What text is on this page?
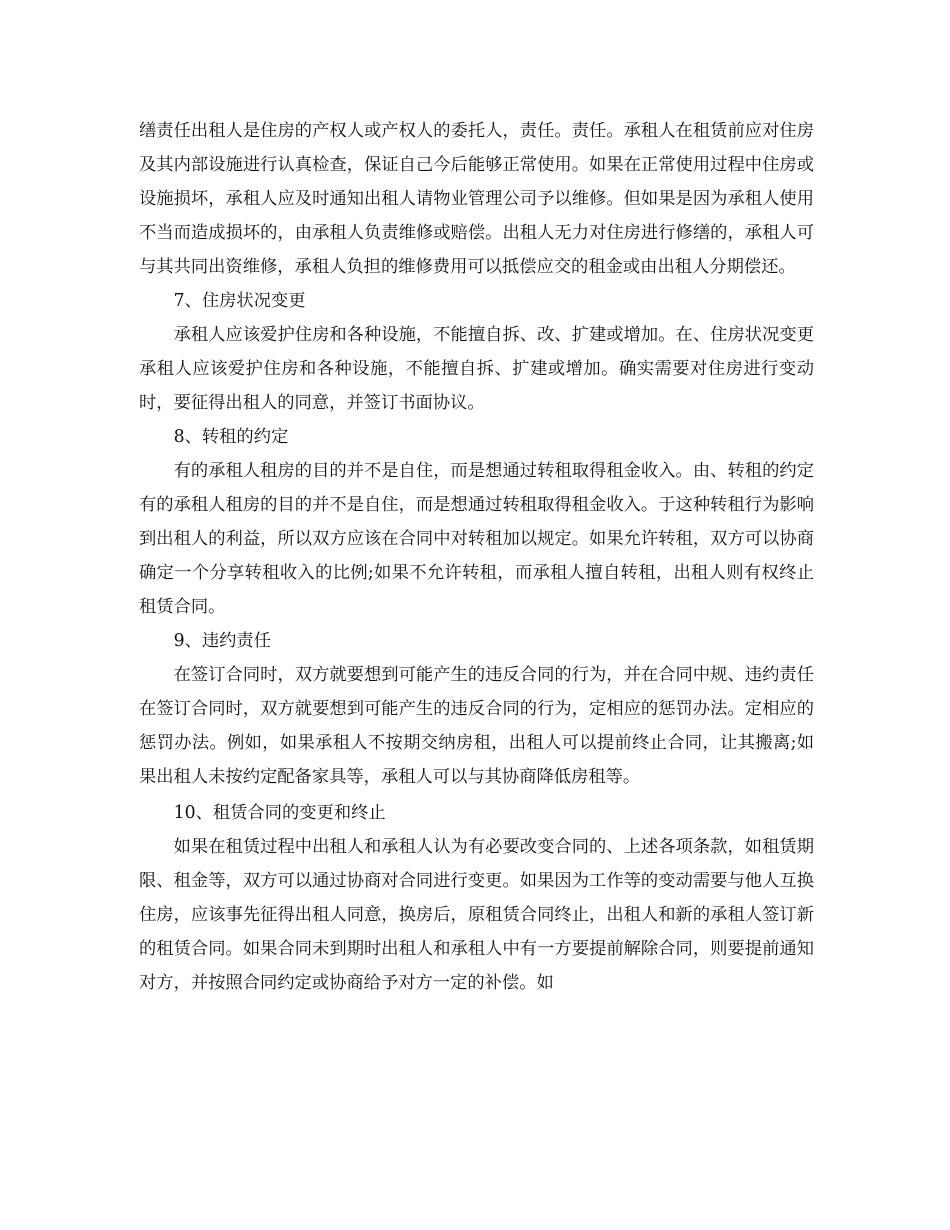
缮责任出租人是住房的产权人或产权人的委托人，责任。责任。承租人在租赁前应对住房及其内部设施进行认真检查，保证自己今后能够正常使用。如果在正常使用过程中住房或设施损坏，承租人应及时通知出租人请物业管理公司予以维修。但如果是因为承租人使用不当而造成损坏的，由承租人负责维修或赔偿。出租人无力对住房进行修缮的，承租人可与其共同出资维修，承租人负担的维修费用可以抵偿应交的租金或由出租人分期偿还。

7、住房状况变更

承租人应该爱护住房和各种设施，不能擅自拆、改、扩建或增加。在、住房状况变更承租人应该爱护住房和各种设施，不能擅自拆、扩建或增加。确实需要对住房进行变动时，要征得出租人的同意，并签订书面协议。

8、转租的约定

有的承租人租房的目的并不是自住，而是想通过转租取得租金收入。由、转租的约定有的承租人租房的目的并不是自住，而是想通过转租取得租金收入。于这种转租行为影响到出租人的利益，所以双方应该在合同中对转租加以规定。如果允许转租，双方可以协商确定一个分享转租收入的比例;如果不允许转租，而承租人擅自转租，出租人则有权终止租赁合同。

9、违约责任

在签订合同时，双方就要想到可能产生的违反合同的行为，并在合同中规、违约责任在签订合同时，双方就要想到可能产生的违反合同的行为，定相应的惩罚办法。定相应的惩罚办法。例如，如果承租人不按期交纳房租，出租人可以提前终止合同，让其搬离;如果出租人未按约定配备家具等，承租人可以与其协商降低房租等。

10、租赁合同的变更和终止

如果在租赁过程中出租人和承租人认为有必要改变合同的、上述各项条款，如租赁期限、租金等，双方可以通过协商对合同进行变更。如果因为工作等的变动需要与他人互换住房，应该事先征得出租人同意，换房后，原租赁合同终止，出租人和新的承租人签订新的租赁合同。如果合同未到期时出租人和承租人中有一方要提前解除合同，则要提前通知对方，并按照合同约定或协商给予对方一定的补偿。如
